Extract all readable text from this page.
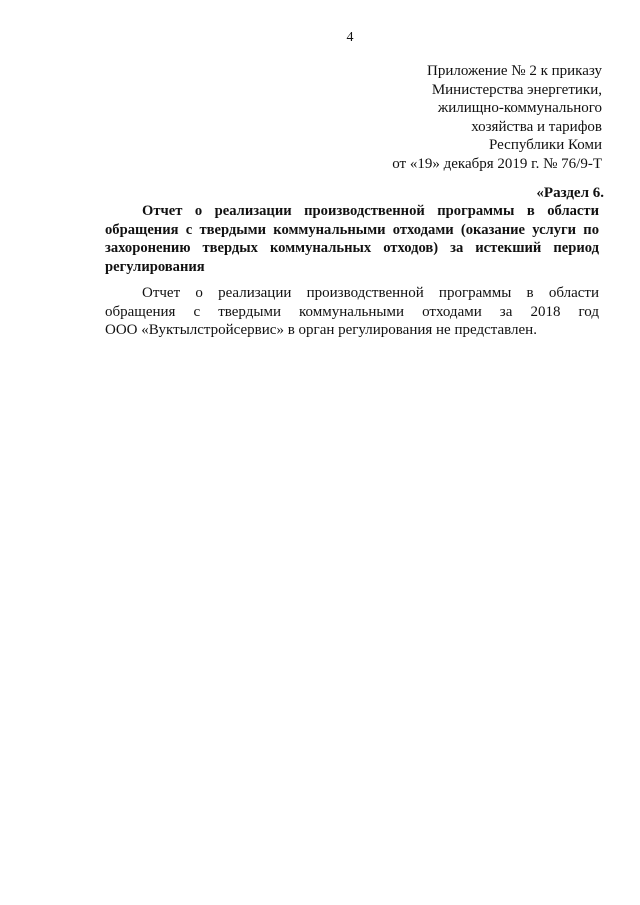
4
Приложение № 2 к приказу
Министерства энергетики,
жилищно-коммунального
хозяйства и тарифов
Республики Коми
от «19» декабря 2019 г. № 76/9-Т
«Раздел 6.
Отчет о реализации производственной программы в области
обращения с твердыми коммунальными отходами (оказание услуги по
захоронению твердых коммунальных отходов) за истекший период
регулирования
Отчет о реализации производственной программы в области
обращения с твердыми коммунальными отходами за 2018 год
ООО «Вуктылстройсервис» в орган регулирования не представлен.
